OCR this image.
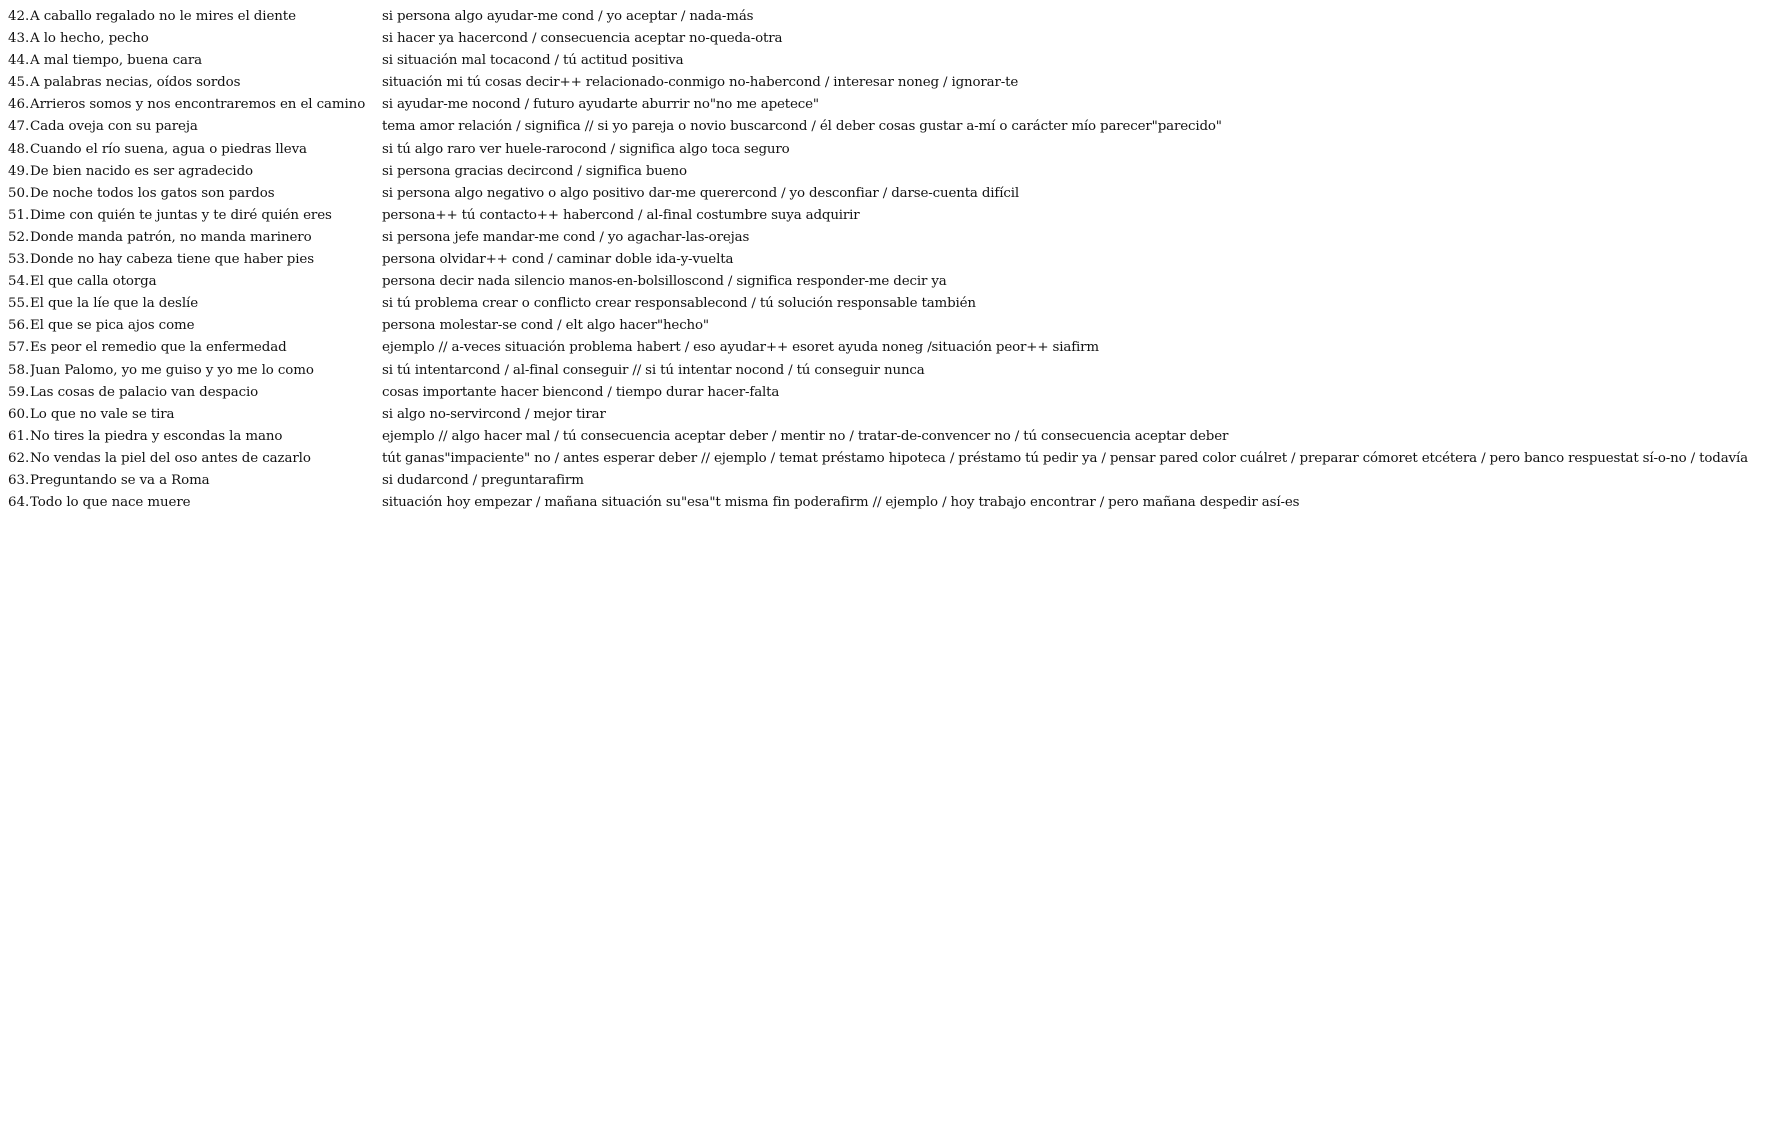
42. A caballo regalado no le mires el diente	si persona algo ayudar-me cond / yo aceptar / nada-más
43. A lo hecho, pecho	si hacer ya hacercond / consecuencia aceptar no-queda-otra
44. A mal tiempo, buena cara	si situación mal tocacond / tú actitud positiva
45. A palabras necias, oídos sordos	situación mi tú cosas decir++ relacionado-conmigo no-habercond / interesar noneg / ignorar-te
46. Arrieros somos y nos encontraremos en el camino	si ayudar-me nocond / futuro ayudarte aburrir no"no me apetece"
47. Cada oveja con su pareja	tema amor relación / significa // si yo pareja o novio buscarcond / él deber cosas gustar a-mí o carácter mío parecer"parecido"
48. Cuando el río suena, agua o piedras lleva	si tú algo raro ver huele-rarocond / significa algo toca seguro
49. De bien nacido es ser agradecido	si persona gracias decircond / significa bueno
50. De noche todos los gatos son pardos	si persona algo negativo o algo positivo dar-me querercond / yo desconfiar / darse-cuenta difícil
51. Dime con quién te juntas y te diré quién eres	persona++ tú contacto++ habercond / al-final costumbre suya adquirir
52. Donde manda patrón, no manda marinero	si persona jefe mandar-me cond / yo agachar-las-orejas
53. Donde no hay cabeza tiene que haber pies	persona olvidar++ cond / caminar doble ida-y-vuelta
54. El que calla otorga	persona decir nada silencio manos-en-bolsilloscond / significa responder-me decir ya
55. El que la líe que la deslíe	si tú problema crear o conflicto crear responsablecond / tú solución responsable también
56. El que se pica ajos come	persona molestar-se cond / elt algo hacer"hecho"
57. Es peor el remedio que la enfermedad	ejemplo // a-veces situación problema habert / eso ayudar++ esoret ayuda noneg /situación peor++ siafirm
58. Juan Palomo, yo me guiso y yo me lo como	si tú intentarcond / al-final conseguir // si tú intentar nocond / tú conseguir nunca
59. Las cosas de palacio van despacio	cosas importante hacer biencond / tiempo durar hacer-falta
60. Lo que no vale se tira	si algo no-servircond / mejor tirar
61. No tires la piedra y escondas la mano	ejemplo // algo hacer mal / tú consecuencia aceptar deber / mentir no / tratar-de-convencer no / tú consecuencia aceptar deber
62. No vendas la piel del oso antes de cazarlo	tút ganas"impaciente" no / antes esperar deber // ejemplo / temat préstamo hipoteca / préstamo tú pedir ya / pensar pared color cuálret / preparar cómoret etcétera / pero banco respuestat sí-o-no / todavía
63. Preguntando se va a Roma	si dudarcond / preguntarafirm
64. Todo lo que nace muere	situación hoy empezar / mañana situación su"esa"t misma fin poderafirm // ejemplo / hoy trabajo encontrar / pero mañana despedir así-es
